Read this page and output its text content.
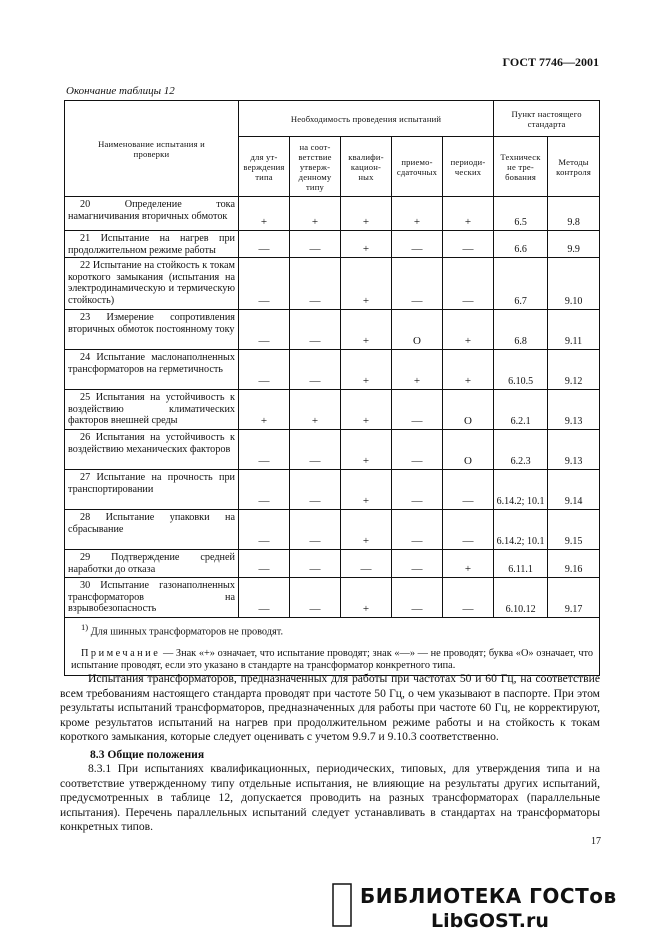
ГОСТ 7746—2001
Окончание таблицы 12
Наименование испытания и проверки	Необходимость проведения испытаний					Пункт настоящего стандарта	
	для ут-верждения типа	на соот-ветствие утверж-денному типу	квалифи-кацион-ных	приемо-сдаточных	периоди-ческих	Техническ не тре-бования	Методы контроля

20 Определение тока намагничивания вторичных обмоток	+	+	+	+	+	6.5	9.8

21 Испытание на нагрев при продолжительном режиме работы	—	—	+	—	—	6.6	9.9

22 Испытание на стойкость к токам короткого замыкания (испытания на электродинамическую и термическую стойкость)	—	—	+	—	—	6.7	9.10

23 Измерение сопротивления вторичных обмоток постоянному току	—	—	+	O	+	6.8	9.11

24 Испытание маслонаполненных трансформаторов на герметичность	—	—	+	+	+	6.10.5	9.12

25 Испытания на устойчивость к воздействию климатических факторов внешней среды	+	+	+	—	O	6.2.1	9.13

26 Испытания на устойчивость к воздействию механических факторов	—	—	+	—	O	6.2.3	9.13

27 Испытание на прочность при транспортировании	—	—	+	—	—	6.14.2; 10.1	9.14

28 Испытание упаковки на сбрасывание	—	—	+	—	—	6.14.2; 10.1	9.15

29 Подтверждение средней наработки до отказа	—	—	—	—	+	6.11.1	9.16

30 Испытание газонаполненных трансформаторов на взрывобезопасность	—	—	+	—	—	6.10.12	9.17

$^{1)}$ Для шинных трансформаторов не проводят.
Примечание — Знак «+» означает, что испытание проводят; знак «—» — не проводят; буква «О» означает, что испытание проводят, если это указано в стандарте на трансформатор конкретного типа.							

Испытания трансформаторов, предназначенных для работы при частотах 50 и 60 Гц, на соответствие всем требованиям настоящего стандарта проводят при частоте 50 Гц, о чем указывают в паспорте. При этом результаты испытаний трансформаторов, предназначенных для работы при частоте 60 Гц, не корректируют, кроме результатов испытаний на нагрев при продолжительном режиме работы и на стойкость к токам короткого замыкания, которые следует оценивать с учетом 9.9.7 и 9.10.3 соответственно.

8.3 Общие положения

8.3.1 При испытаниях квалификационных, периодических, типовых, для утверждения типа и на соответствие утвержденному типу отдельные испытания, не влияющие на результаты других испытаний, предусмотренных в таблице 12, допускается проводить на разных трансформаторах (параллельные испытания). Перечень параллельных испытаний следует устанавливать в стандартах на трансформаторы конкретных типов.

17
БИБЛИОТЕКА ГОСТов
LibGOST.ru
